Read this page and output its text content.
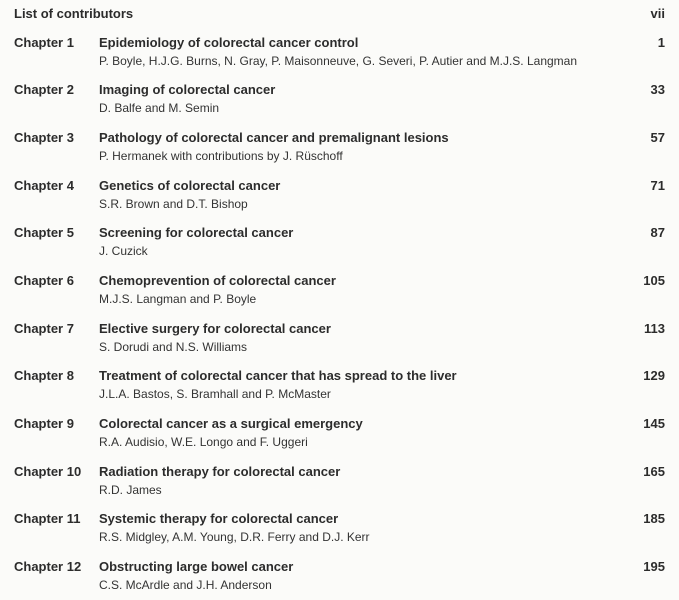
List of contributors	vii
Chapter 1 Epidemiology of colorectal cancer control
P. Boyle, H.J.G. Burns, N. Gray, P. Maisonneuve, G. Severi, P. Autier and M.J.S. Langman
1
Chapter 2 Imaging of colorectal cancer
D. Balfe and M. Semin
33
Chapter 3 Pathology of colorectal cancer and premalignant lesions
P. Hermanek with contributions by J. Rüschoff
57
Chapter 4 Genetics of colorectal cancer
S.R. Brown and D.T. Bishop
71
Chapter 5 Screening for colorectal cancer
J. Cuzick
87
Chapter 6 Chemoprevention of colorectal cancer
M.J.S. Langman and P. Boyle
105
Chapter 7 Elective surgery for colorectal cancer
S. Dorudi and N.S. Williams
113
Chapter 8 Treatment of colorectal cancer that has spread to the liver
J.L.A. Bastos, S. Bramhall and P. McMaster
129
Chapter 9 Colorectal cancer as a surgical emergency
R.A. Audisio, W.E. Longo and F. Uggeri
145
Chapter 10 Radiation therapy for colorectal cancer
R.D. James
165
Chapter 11 Systemic therapy for colorectal cancer
R.S. Midgley, A.M. Young, D.R. Ferry and D.J. Kerr
185
Chapter 12 Obstructing large bowel cancer
C.S. McArdle and J.H. Anderson
195
